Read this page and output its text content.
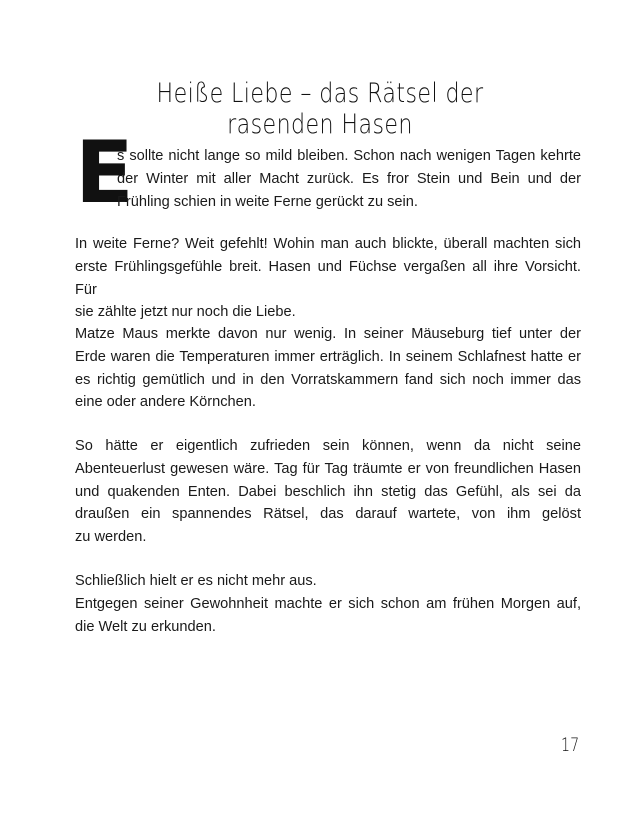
Heiße Liebe – das Rätsel der rasenden Hasen
E
s sollte nicht lange so mild bleiben. Schon nach wenigen Tagen kehrte
der Winter mit aller Macht zurück. Es fror Stein und Bein und der
Frühling schien in weite Ferne gerückt zu sein.
In weite Ferne? Weit gefehlt! Wohin man auch blickte, überall machten sich
erste Frühlingsgefühle breit. Hasen und Füchse vergaßen all ihre Vorsicht. Für
sie zählte jetzt nur noch die Liebe.
Matze Maus merkte davon nur wenig. In seiner Mäuseburg tief unter der
Erde waren die Temperaturen immer erträglich. In seinem Schlafnest hatte er
es richtig gemütlich und in den Vorratskammern fand sich noch immer das
eine oder andere Körnchen.
So hätte er eigentlich zufrieden sein können, wenn da nicht seine
Abenteuerlust gewesen wäre. Tag für Tag träumte er von freundlichen Hasen
und quakenden Enten. Dabei beschlich ihn stetig das Gefühl, als sei da
draußen ein spannendes Rätsel, das darauf wartete, von ihm gelöst
zu werden.
Schließlich hielt er es nicht mehr aus.
Entgegen seiner Gewohnheit machte er sich schon am frühen Morgen auf,
die Welt zu erkunden.
17
